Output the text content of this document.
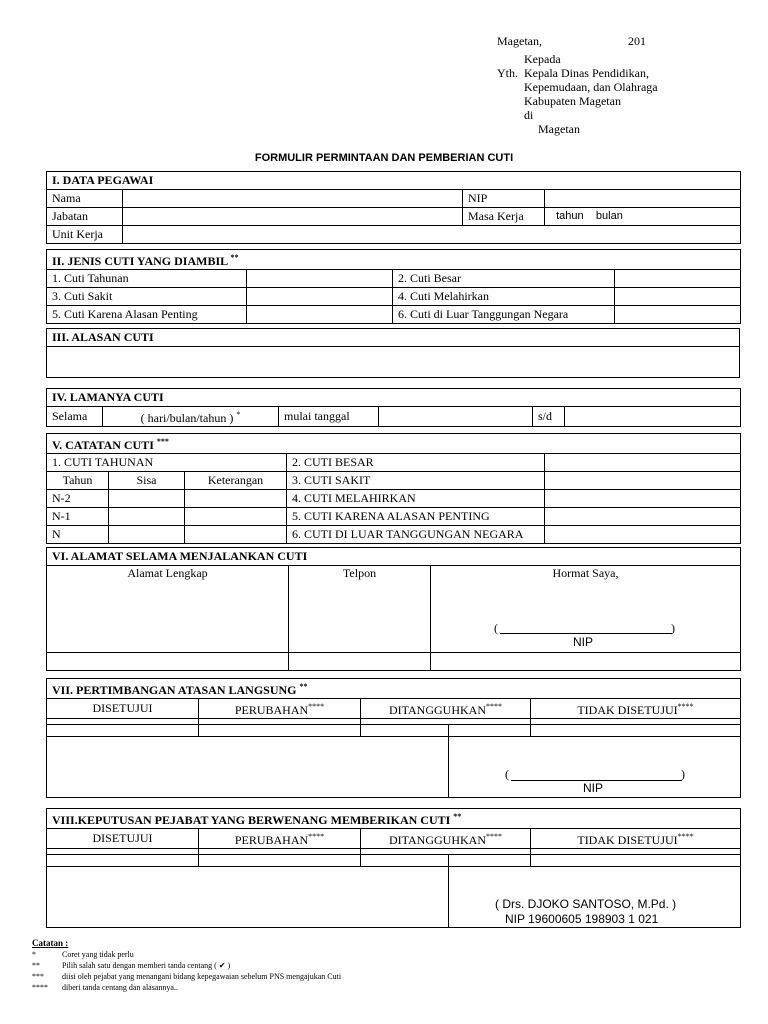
Magetan,	201
Kepada
Yth. Kepala Dinas Pendidikan,
Kepemudaan, dan Olahraga
Kabupaten Magetan
di
Magetan
FORMULIR PERMINTAAN DAN PEMBERIAN CUTI
I. DATA PEGAWAI			
Nama		NIP	
Jabatan		Masa Kerja	tahun bulan
Unit Kerja			
II. JENIS CUTI YANG DIAMBIL **
1. Cuti Tahunan		2. Cuti Besar	
3. Cuti Sakit		4. Cuti Melahirkan	
5. Cuti Karena Alasan Penting		6. Cuti di Luar Tanggungan Negara	
III. ALASAN CUTI

IV. LAMANYA CUTI
Selama	( hari/bulan/tahun ) *	mulai tanggal		s/d	
V. CATATAN CUTI ***
1. CUTI TAHUNAN			2. CUTI BESAR	
Tahun	Sisa	Keterangan	3. CUTI SAKIT	
N-2			4. CUTI MELAHIRKAN	
N-1			5. CUTI KARENA ALASAN PENTING	
N			6. CUTI DI LUAR TANGGUNGAN NEGARA	
VI. ALAMAT SELAMA MENJALANKAN CUTI		
Alamat Lengkap	Telpon	Hormat Saya,

(	)
NIP
VII. PERTIMBANGAN ATASAN LANGSUNG **
DISETUJUI	PERUBAHAN****	DITANGGUHKAN****	TIDAK DISETUJUI****

(	)
NIP
VIII.KEPUTUSAN PEJABAT YANG BERWENANG MEMBERIKAN CUTI **
DISETUJUI	PERUBAHAN****	DITANGGUHKAN****	TIDAK DISETUJUI****

( Drs. DJOKO SANTOSO, M.Pd. )
NIP 19600605 198903 1 021
Catatan :
*	Coret yang tidak perlu
**	Pilih salah satu dengan memberi tanda centang ( ✔ )
***	diisi oleh pejabat yang menangani bidang kepegawaian sebelum PNS mengajukan Cuti
****	diberi tanda centang dan alasannya..
